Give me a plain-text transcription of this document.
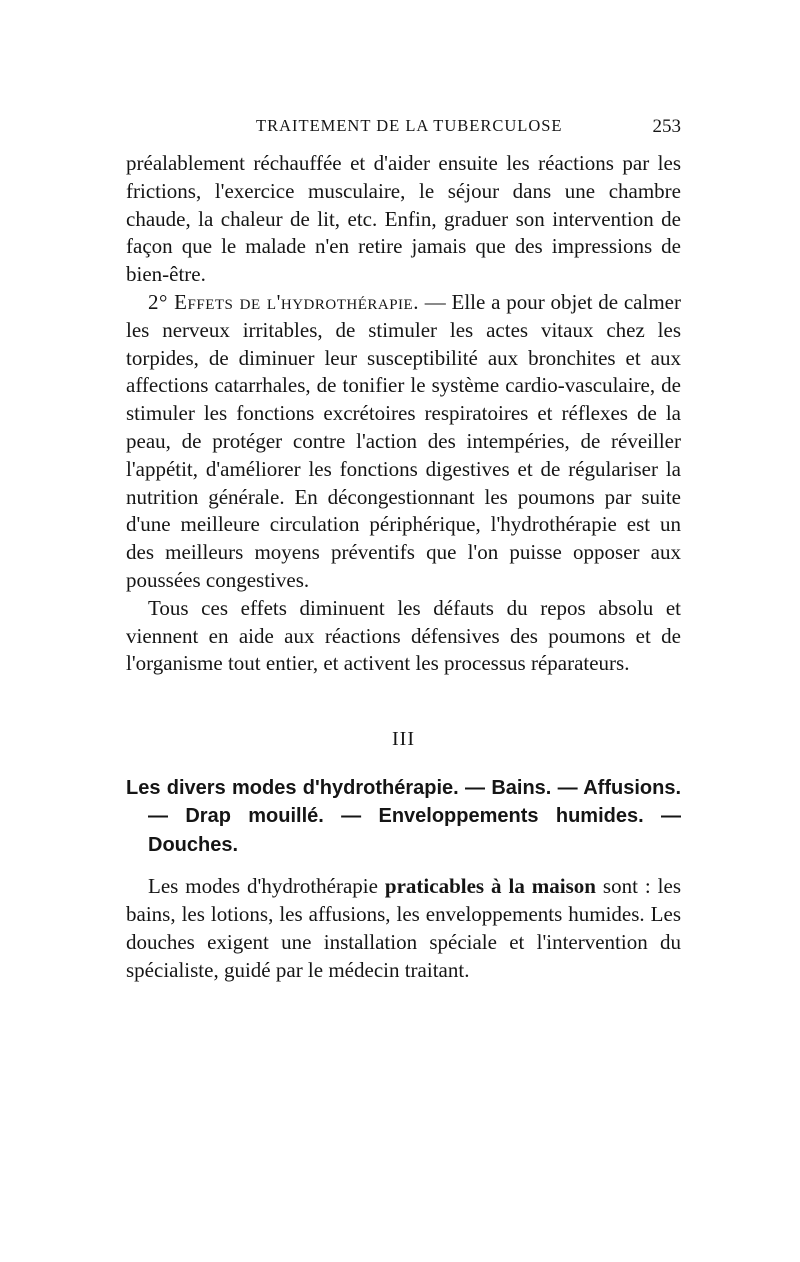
TRAITEMENT DE LA TUBERCULOSE	253

préalablement réchauffée et d'aider ensuite les réactions par les frictions, l'exercice musculaire, le séjour dans une chambre chaude, la chaleur de lit, etc. Enfin, graduer son intervention de façon que le malade n'en retire jamais que des impressions de bien-être.

2° Effets de l'hydrothérapie. — Elle a pour objet de calmer les nerveux irritables, de stimuler les actes vitaux chez les torpides, de diminuer leur susceptibilité aux bronchites et aux affections catarrhales, de tonifier le système cardio-vasculaire, de stimuler les fonctions excrétoires respiratoires et réflexes de la peau, de protéger contre l'action des intempéries, de réveiller l'appétit, d'améliorer les fonctions digestives et de régulariser la nutrition générale. En décongestionnant les poumons par suite d'une meilleure circulation périphérique, l'hydrothérapie est un des meilleurs moyens préventifs que l'on puisse opposer aux poussées congestives.

Tous ces effets diminuent les défauts du repos absolu et viennent en aide aux réactions défensives des poumons et de l'organisme tout entier, et activent les processus réparateurs.

III
Les divers modes d'hydrothérapie. — Bains. — Affusions. — Drap mouillé. — Enveloppements humides. — Douches.

Les modes d'hydrothérapie praticables à la maison sont : les bains, les lotions, les affusions, les enveloppements humides. Les douches exigent une installation spéciale et l'intervention du spécialiste, guidé par le médecin traitant.
